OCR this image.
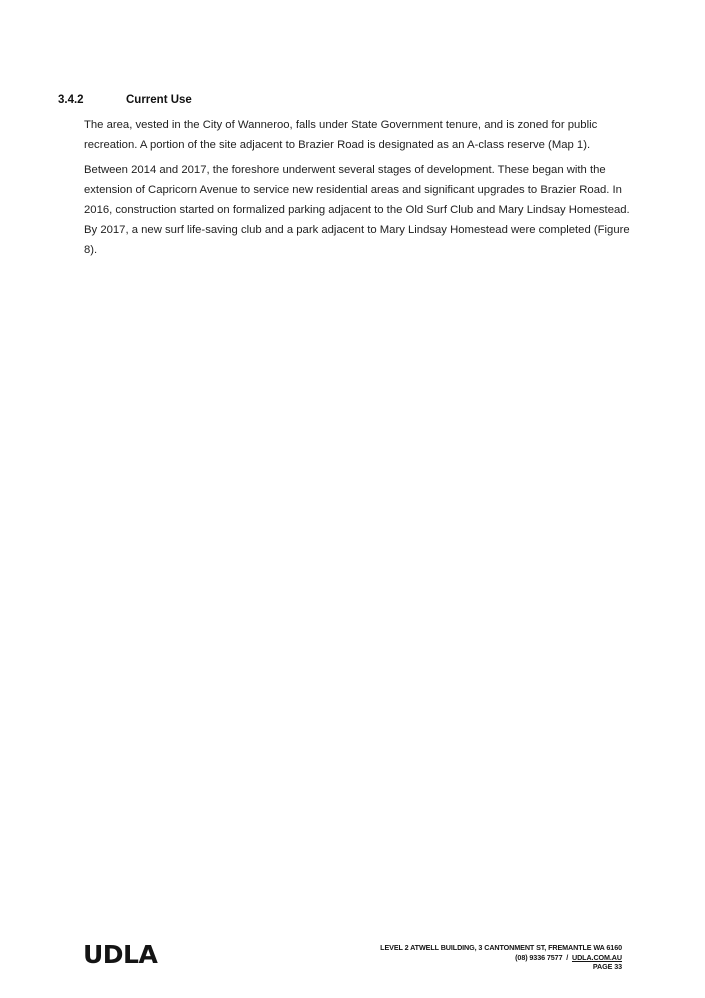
3.4.2	Current Use

The area, vested in the City of Wanneroo, falls under State Government tenure, and is zoned for public recreation. A portion of the site adjacent to Brazier Road is designated as an A-class reserve (Map 1).

Between 2014 and 2017, the foreshore underwent several stages of development. These began with the extension of Capricorn Avenue to service new residential areas and significant upgrades to Brazier Road. In 2016, construction started on formalized parking adjacent to the Old Surf Club and Mary Lindsay Homestead. By 2017, a new surf life-saving club and a park adjacent to Mary Lindsay Homestead were completed (Figure 8).

UDLA	LEVEL 2 ATWELL BUILDING, 3 CANTONMENT ST, FREMANTLE WA 6160
(08) 9336 7577 / UDLA.COM.AU
PAGE 33
